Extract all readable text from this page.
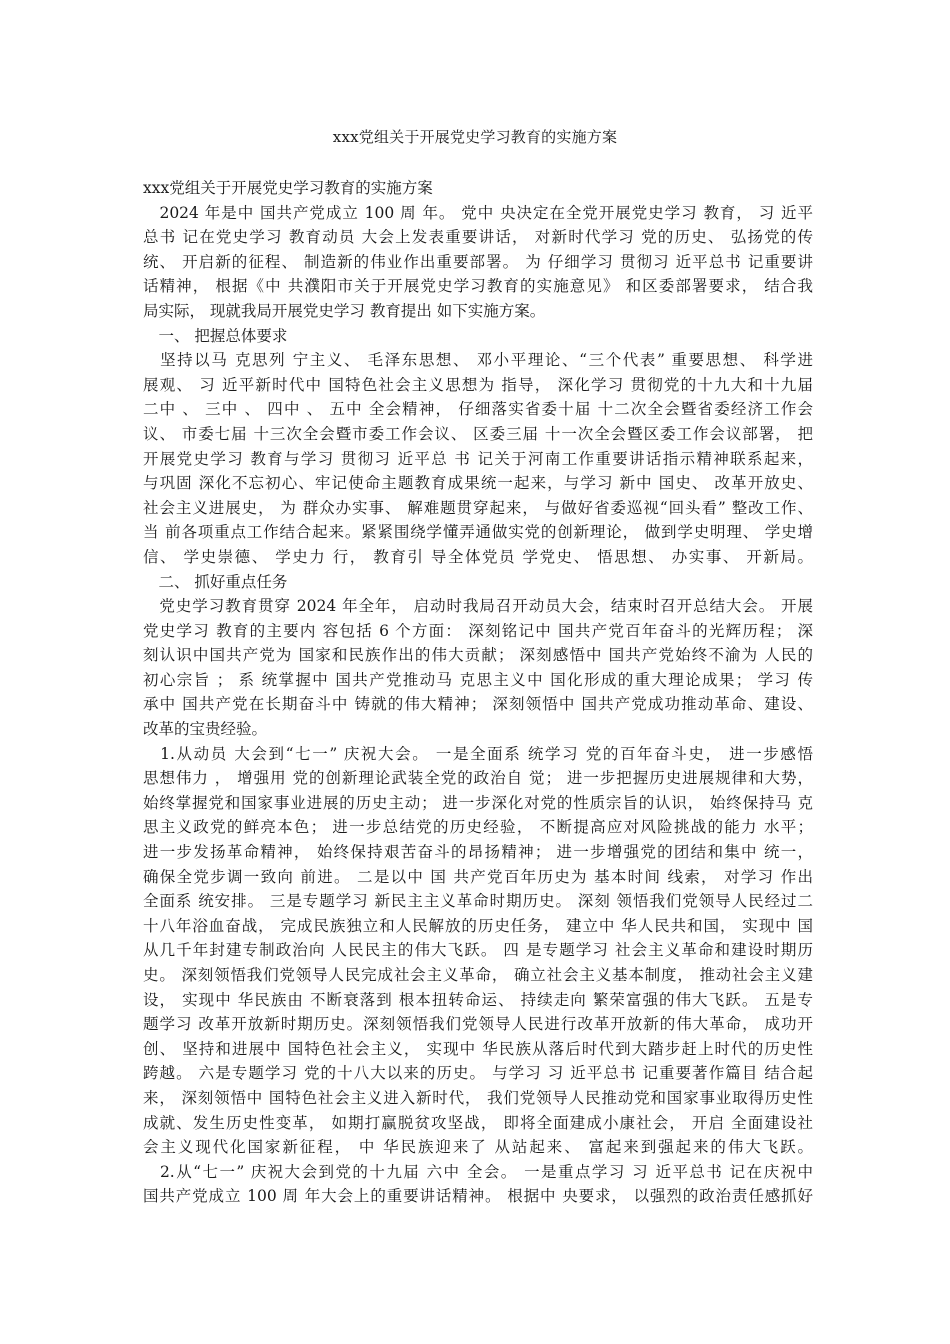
xxx党组关于开展党史学习教育的实施方案
xxx党组关于开展党史学习教育的实施方案
　2024 年是中 国共产党成立 100 周 年。 党中 央决定在全党开展党史学习 教育， 习 近平
总书 记在党史学习 教育动员 大会上发表重要讲话， 对新时代学习 党的历史、 弘扬党的传
统、 开启新的征程、 制造新的伟业作出重要部署。 为 仔细学习 贯彻习 近平总书 记重要讲
话精神， 根据《中 共濮阳市关于开展党史学习教育的实施意见》 和区委部署要求， 结合我
局实际， 现就我局开展党史学习 教育提出 如下实施方案。
　一、 把握总体要求
　坚持以马 克思列 宁主义、 毛泽东思想、 邓小平理论、“三个代表” 重要思想、 科学进
展观、 习 近平新时代中 国特色社会主义思想为 指导， 深化学习 贯彻党的十九大和十九届
二中 、 三中 、 四中 、 五中 全会精神， 仔细落实省委十届 十二次全会暨省委经济工作会
议、 市委七届 十三次全会暨市委工作会议、 区委三届 十一次全会暨区委工作会议部署， 把
开展党史学习 教育与学习 贯彻习 近平总 书 记关于河南工作重要讲话指示精神联系起来，
与巩固 深化不忘初心、牢记使命主题教育成果统一起来，与学习 新中 国史、 改革开放史、
社会主义进展史， 为 群众办实事、 解难题贯穿起来， 与做好省委巡视“回头看” 整改工作、
当 前各项重点工作结合起来。紧紧围绕学懂弄通做实党的创新理论， 做到学史明理、 学史增
信、 学史崇德、 学史力 行， 教育引 导全体党员 学党史、 悟思想、 办实事、 开新局。
　二、 抓好重点任务
　党史学习教育贯穿 2024 年全年， 启动时我局召开动员大会，结束时召开总结大会。 开展
党史学习 教育的主要内 容包括 6 个方面： 深刻铭记中 国共产党百年奋斗的光辉历程； 深
刻认识中国共产党为 国家和民族作出的伟大贡献； 深刻感悟中 国共产党始终不渝为 人民的
初心宗旨 ； 系 统掌握中 国共产党推动马 克思主义中 国化形成的重大理论成果； 学习 传
承中 国共产党在长期奋斗中 铸就的伟大精神； 深刻领悟中 国共产党成功推动革命、建设、
改革的宝贵经验。
　1.从动员 大会到“七一” 庆祝大会。 一是全面系 统学习 党的百年奋斗史， 进一步感悟
思想伟力 ， 增强用 党的创新理论武装全党的政治自 觉； 进一步把握历史进展规律和大势，
始终掌握党和国家事业进展的历史主动； 进一步深化对党的性质宗旨的认识， 始终保持马 克
思主义政党的鲜亮本色； 进一步总结党的历史经验， 不断提高应对风险挑战的能力 水平；
进一步发扬革命精神， 始终保持艰苦奋斗的昂扬精神； 进一步增强党的团结和集中 统一，
确保全党步调一致向 前进。 二是以中 国 共产党百年历史为 基本时间 线索， 对学习 作出
全面系 统安排。 三是专题学习 新民主主义革命时期历史。 深刻 领悟我们党领导人民经过二
十八年浴血奋战， 完成民族独立和人民解放的历史任务， 建立中 华人民共和国， 实现中 国
从几千年封建专制政治向 人民民主的伟大飞跃。 四 是专题学习 社会主义革命和建设时期历
史。 深刻领悟我们党领导人民完成社会主义革命， 确立社会主义基本制度， 推动社会主义建
设， 实现中 华民族由 不断衰落到 根本扭转命运、 持续走向 繁荣富强的伟大飞跃。 五是专
题学习 改革开放新时期历史。深刻领悟我们党领导人民进行改革开放新的伟大革命， 成功开
创、 坚持和进展中 国特色社会主义， 实现中 华民族从落后时代到大踏步赶上时代的历史性
跨越。 六是专题学习 党的十八大以来的历史。 与学习 习 近平总书 记重要著作篇目 结合起
来， 深刻领悟中 国特色社会主义进入新时代， 我们党领导人民推动党和国家事业取得历史性
成就、发生历史性变革， 如期打赢脱贫攻坚战， 即将全面建成小康社会， 开启 全面建设社
会主义现代化国家新征程， 中 华民族迎来了 从站起来、 富起来到强起来的伟大飞跃。
　2.从“七一” 庆祝大会到党的十九届 六中 全会。 一是重点学习 习 近平总书 记在庆祝中
国共产党成立 100 周 年大会上的重要讲话精神。 根据中 央要求， 以强烈的政治责任感抓好
